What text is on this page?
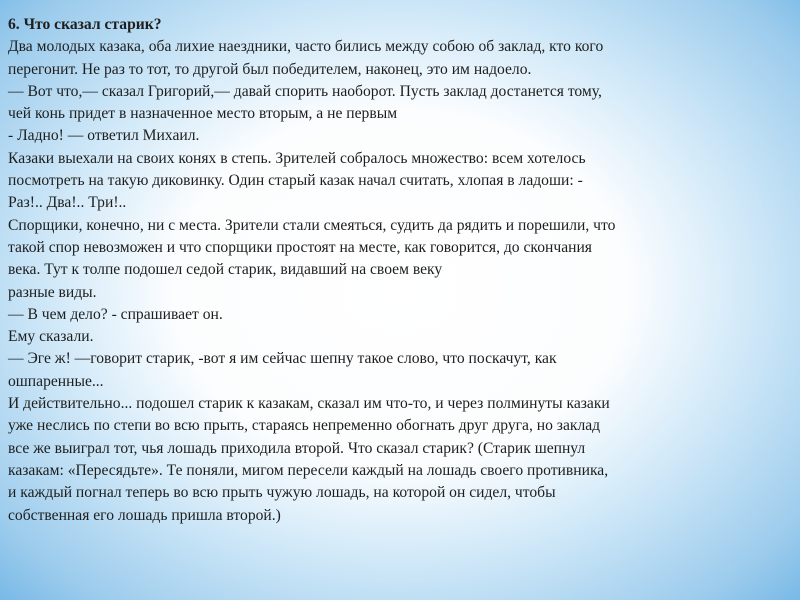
6. Что сказал старик?
Два молодых казака, оба лихие наездники, часто бились между собою об заклад, кто кого
перегонит. Не раз то тот, то другой был победителем, наконец, это им надоело.
— Вот что,— сказал Григорий,— давай спорить наоборот. Пусть заклад достанется тому,
чей конь придет в назначенное место вторым, а не первым
- Ладно! — ответил Михаил.
Казаки выехали на своих конях в степь. Зрителей собралось множество: всем хотелось
посмотреть на такую диковинку. Один старый казак начал считать, хлопая в ладоши: -
Раз!.. Два!.. Три!..
Спорщики, конечно, ни с места. Зрители стали смеяться, судить да рядить и порешили, что
такой спор невозможен и что спорщики простоят на месте, как говорится, до скончания
века. Тут к толпе подошел седой старик, видавший на своем веку
разные виды.
— В чем дело? - спрашивает он.
Ему сказали.
— Эге ж! —говорит старик, -вот я им сейчас шепну такое слово, что поскачут, как
ошпаренные...
И действительно... подошел старик к казакам, сказал им что-то, и через полминуты казаки
уже неслись по степи во всю прыть, стараясь непременно обогнать друг друга, но заклад
все же выиграл тот, чья лошадь приходила второй. Что сказал старик? (Старик шепнул
казакам: «Пересядьте». Те поняли, мигом пересели каждый на лошадь своего противника,
и каждый погнал теперь во всю прыть чужую лошадь, на которой он сидел, чтобы
собственная его лошадь пришла второй.)
